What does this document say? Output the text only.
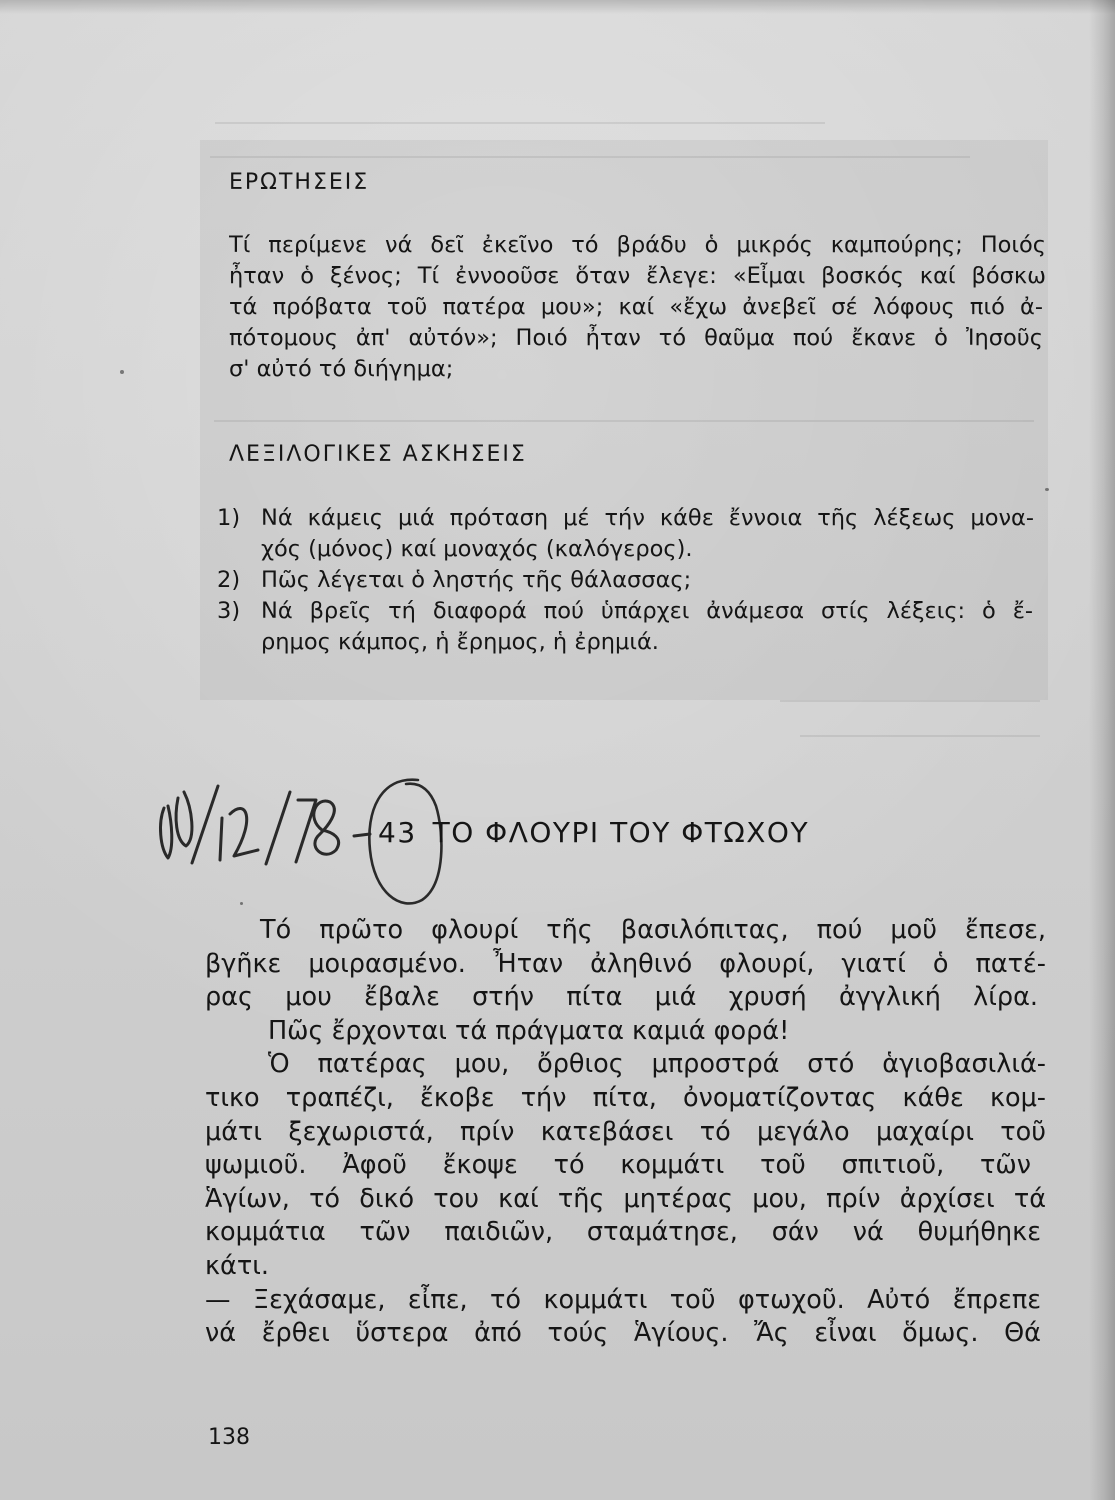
ΕΡΩΤΗΣΕΙΣ
Τί περίμενε νά δεῖ ἐκεῖνο τό βράδυ ὁ μικρός καμπούρης; Ποιός
ἦταν ὁ ξένος; Τί ἐννοοῦσε ὅταν ἔλεγε: «Εἶμαι βοσκός καί βόσκω
τά πρόβατα τοῦ πατέρα μου»; καί «ἔχω ἀνεβεῖ σέ λόφους πιό ἀ-
πότομους ἀπ' αὐτόν»; Ποιό ἦταν τό θαῦμα πού ἔκανε ὁ Ἰησοῦς
σ' αὐτό τό διήγημα;
ΛΕΞΙΛΟΓΙΚΕΣ ΑΣΚΗΣΕΙΣ
1) Νά κάμεις μιά πρόταση μέ τήν κάθε ἔννοια τῆς λέξεως μονα-
χός (μόνος) καί μοναχός (καλόγερος).
2) Πῶς λέγεται ὁ ληστής τῆς θάλασσας;
3) Νά βρεῖς τή διαφορά πού ὑπάρχει ἀνάμεσα στίς λέξεις: ὁ ἔ-
ρημος κάμπος, ἡ ἔρημος, ἡ ἐρημιά.
43 ΤΟ ΦΛΟΥΡΙ ΤΟΥ ΦΤΩΧΟΥ
Τό πρῶτο φλουρί τῆς βασιλόπιτας, πού μοῦ ἔπεσε,
βγῆκε μοιρασμένο. Ἦταν ἀληθινό φλουρί, γιατί ὁ πατέ-
ρας μου ἔβαλε στήν πίτα μιά χρυσή ἀγγλική λίρα.
Πῶς ἔρχονται τά πράγματα καμιά φορά!
Ὁ πατέρας μου, ὄρθιος μπροστρά στό ἁγιοβασιλιά-
τικο τραπέζι, ἔκοβε τήν πίτα, ὀνοματίζοντας κάθε κομ-
μάτι ξεχωριστά, πρίν κατεβάσει τό μεγάλο μαχαίρι τοῦ
ψωμιοῦ. Ἀφοῦ ἔκοψε τό κομμάτι τοῦ σπιτιοῦ, τῶν
Ἁγίων, τό δικό του καί τῆς μητέρας μου, πρίν ἀρχίσει τά
κομμάτια τῶν παιδιῶν, σταμάτησε, σάν νά θυμήθηκε
κάτι.
— Ξεχάσαμε, εἶπε, τό κομμάτι τοῦ φτωχοῦ. Αὐτό ἔπρεπε
νά ἔρθει ὕστερα ἀπό τούς Ἁγίους. Ἄς εἶναι ὅμως. Θά

138
